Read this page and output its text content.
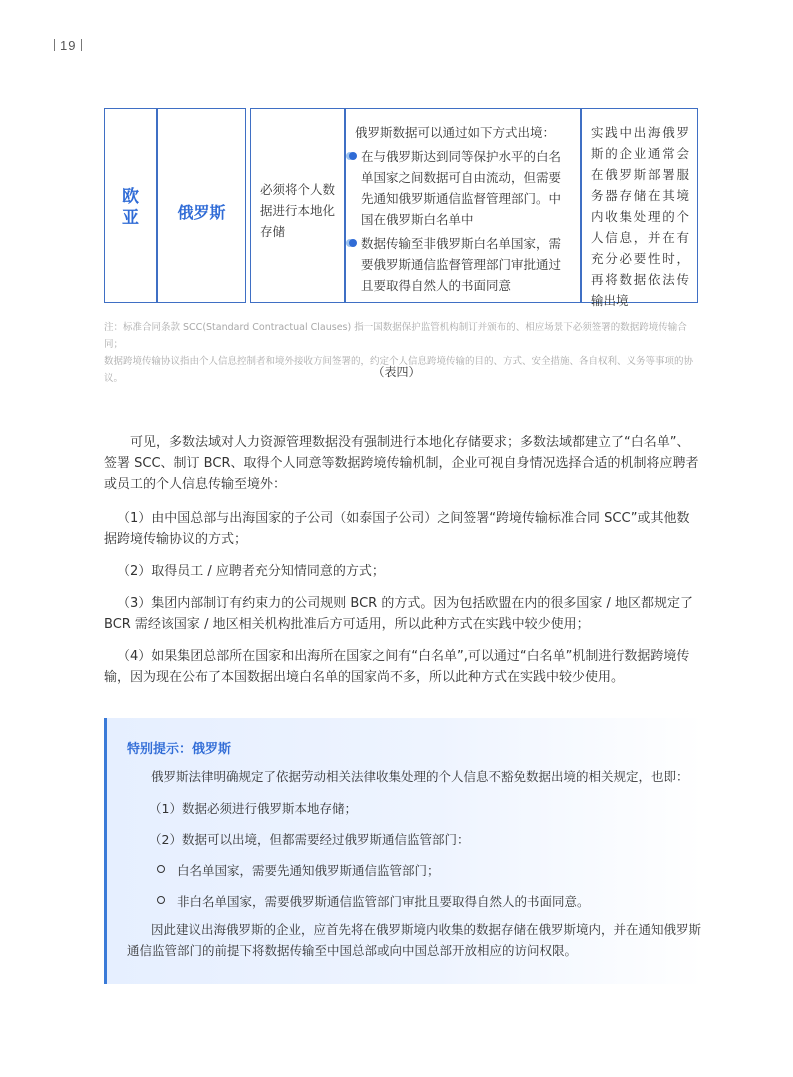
19
欧亚	俄罗斯
必须将个人数据进行本地化存储
俄罗斯数据可以通过如下方式出境：
在与俄罗斯达到同等保护水平的白名单国家之间数据可自由流动，但需要先通知俄罗斯通信监督管理部门。中国在俄罗斯白名单中
数据传输至非俄罗斯白名单国家，需要俄罗斯通信监督管理部门审批通过且要取得自然人的书面同意
实践中出海俄罗斯的企业通常会在俄罗斯部署服务器存储在其境内收集处理的个人信息，并在有充分必要性时，再将数据依法传输出境
注：标准合同条款 SCC(Standard Contractual Clauses) 指一国数据保护监管机构制订并颁布的、相应场景下必须签署的数据跨境传输合同；
数据跨境传输协议指由个人信息控制者和境外接收方间签署的，约定个人信息跨境传输的目的、方式、安全措施、各自权利、义务等事项的协议。	（表四）
可见，多数法域对人力资源管理数据没有强制进行本地化存储要求；多数法域都建立了“白名单”、签署 SCC、制订 BCR、取得个人同意等数据跨境传输机制，企业可视自身情况选择合适的机制将应聘者或员工的个人信息传输至境外：
（1）由中国总部与出海国家的子公司（如泰国子公司）之间签署“跨境传输标准合同 SCC”或其他数据跨境传输协议的方式；
（2）取得员工 / 应聘者充分知情同意的方式；
（3）集团内部制订有约束力的公司规则 BCR 的方式。因为包括欧盟在内的很多国家 / 地区都规定了 BCR 需经该国家 / 地区相关机构批准后方可适用，所以此种方式在实践中较少使用；
（4）如果集团总部所在国家和出海所在国家之间有“白名单”,可以通过“白名单”机制进行数据跨境传输，因为现在公布了本国数据出境白名单的国家尚不多，所以此种方式在实践中较少使用。
特别提示：俄罗斯
俄罗斯法律明确规定了依据劳动相关法律收集处理的个人信息不豁免数据出境的相关规定，也即：
（1）数据必须进行俄罗斯本地存储；
（2）数据可以出境，但都需要经过俄罗斯通信监管部门：
白名单国家，需要先通知俄罗斯通信监管部门；
非白名单国家，需要俄罗斯通信监管部门审批且要取得自然人的书面同意。
因此建议出海俄罗斯的企业，应首先将在俄罗斯境内收集的数据存储在俄罗斯境内，并在通知俄罗斯通信监管部门的前提下将数据传输至中国总部或向中国总部开放相应的访问权限。
